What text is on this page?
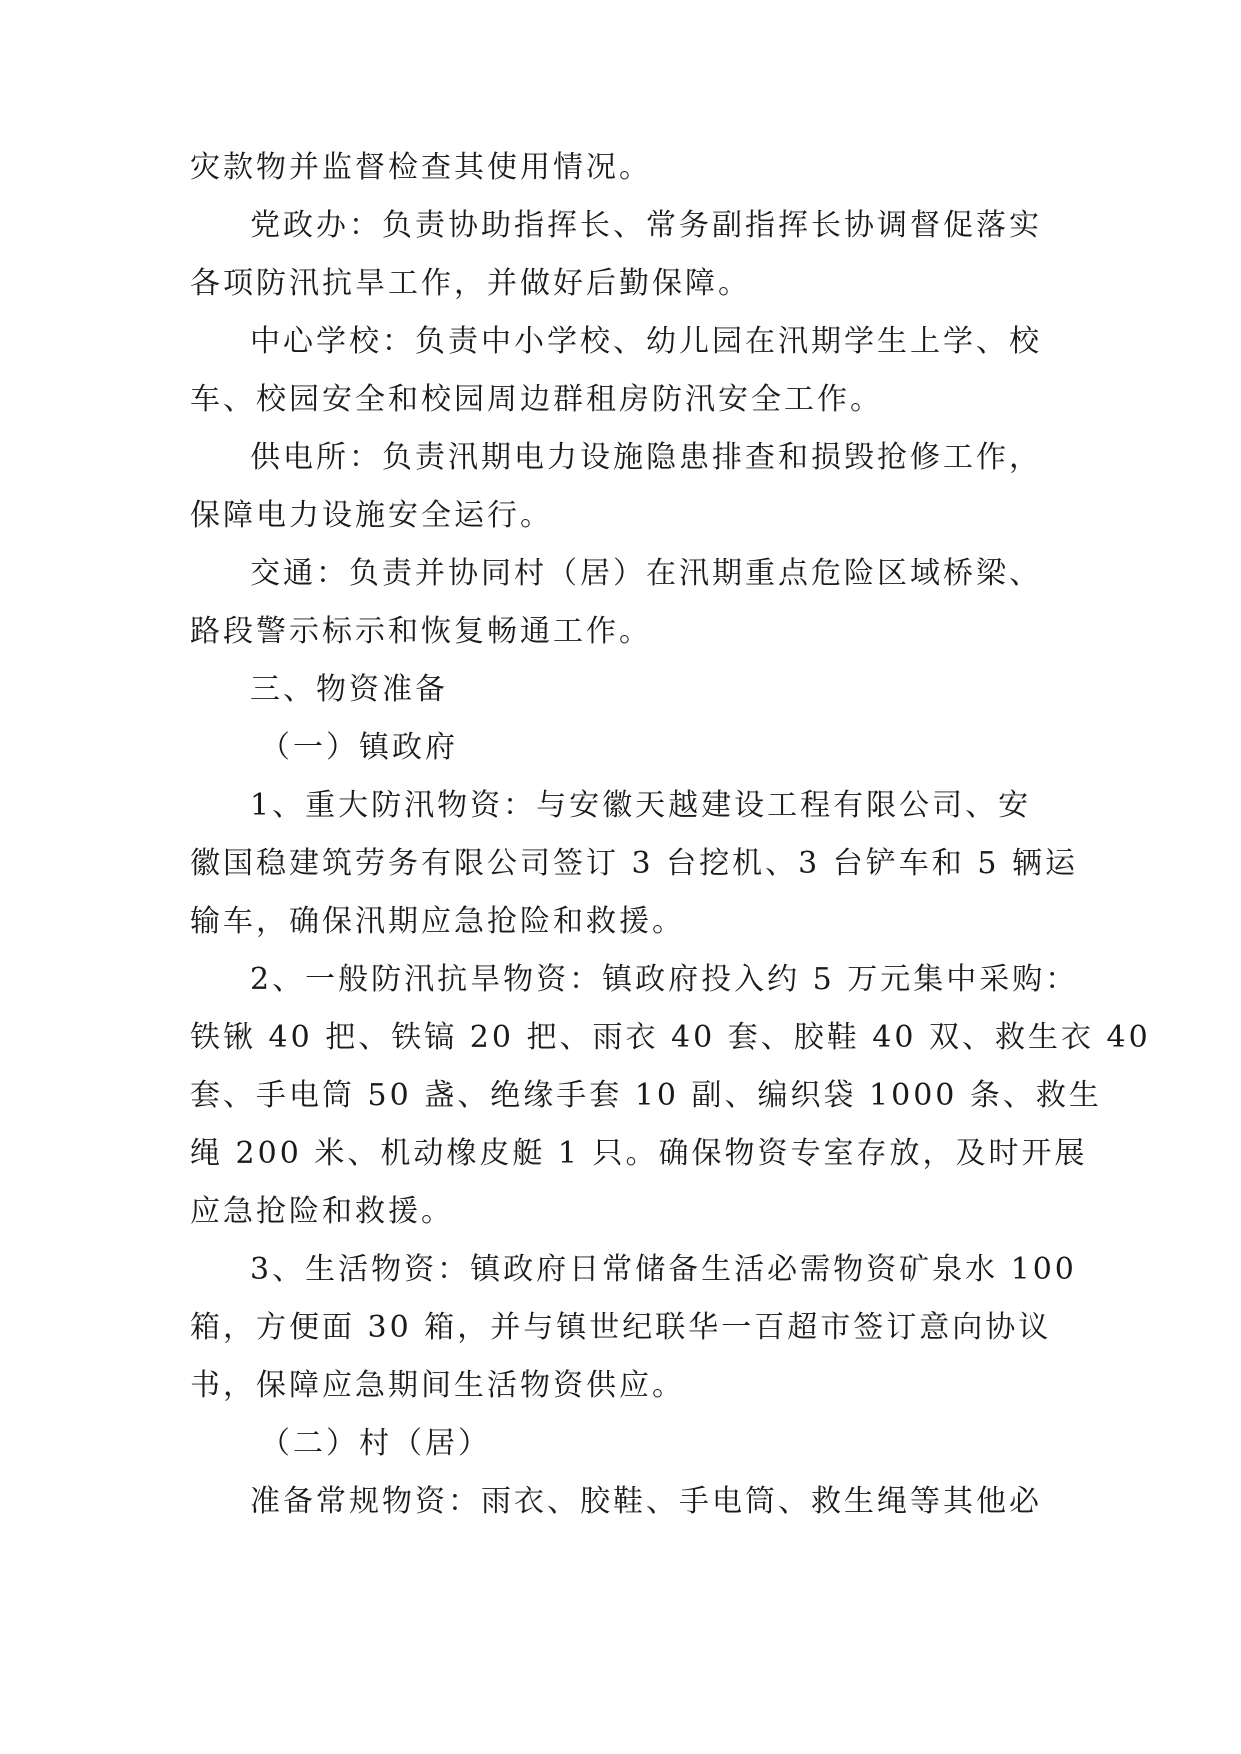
灾款物并监督检查其使用情况。
党政办：负责协助指挥长、常务副指挥长协调督促落实
各项防汛抗旱工作，并做好后勤保障。
中心学校：负责中小学校、幼儿园在汛期学生上学、校
车、校园安全和校园周边群租房防汛安全工作。
供电所：负责汛期电力设施隐患排查和损毁抢修工作，
保障电力设施安全运行。
交通：负责并协同村（居）在汛期重点危险区域桥梁、
路段警示标示和恢复畅通工作。
三、物资准备
（一）镇政府
1、重大防汛物资：与安徽天越建设工程有限公司、安
徽国稳建筑劳务有限公司签订 3 台挖机、3 台铲车和 5 辆运
输车，确保汛期应急抢险和救援。
2、一般防汛抗旱物资：镇政府投入约 5 万元集中采购：
铁锹 40 把、铁镐 20 把、雨衣 40 套、胶鞋 40 双、救生衣 40
套、手电筒 50 盏、绝缘手套 10 副、编织袋 1000 条、救生
绳 200 米、机动橡皮艇 1 只。确保物资专室存放，及时开展
应急抢险和救援。
3、生活物资：镇政府日常储备生活必需物资矿泉水 100
箱，方便面 30 箱，并与镇世纪联华一百超市签订意向协议
书，保障应急期间生活物资供应。
（二）村（居）
准备常规物资：雨衣、胶鞋、手电筒、救生绳等其他必
